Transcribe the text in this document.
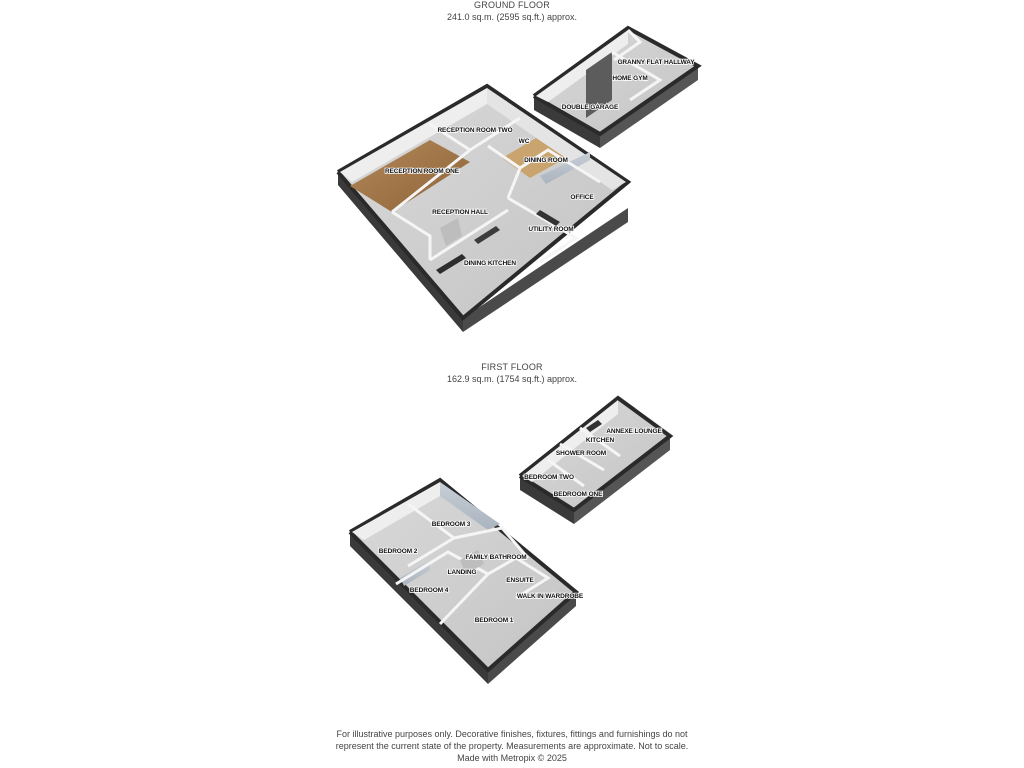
GROUND FLOOR
241.0 sq.m. (2595 sq.ft.) approx.
FIRST FLOOR
162.9 sq.m. (1754 sq.ft.) approx.
RECEPTION ROOM TWO
WC
DINING ROOM
RECEPTION ROOM ONE
OFFICE
RECEPTION HALL
UTILITY ROOM
DINING KITCHEN
DOUBLE GARAGE
HOME GYM
GRANNY FLAT HALLWAY
BEDROOM 3
BEDROOM 2
FAMILY BATHROOM
LANDING
ENSUITE
BEDROOM 4
WALK IN WARDROBE
BEDROOM 1
ANNEXE LOUNGE
KITCHEN
SHOWER ROOM
BEDROOM TWO
BEDROOM ONE
For illustrative purposes only. Decorative finishes, fixtures, fittings and furnishings do not
represent the current state of the property. Measurements are approximate. Not to scale.
Made with Metropix © 2025
